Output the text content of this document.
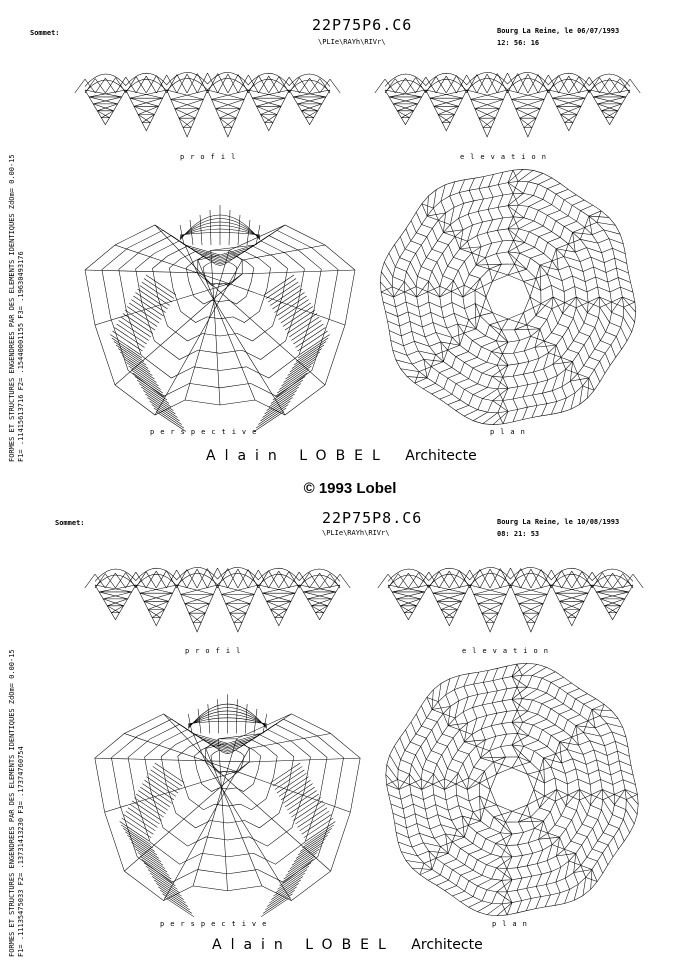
Sommet:	22P75P6.C6
\PLIe\RAYh\RIVr\
Bourg La Reine, le 06/07/1993
12: 56: 16
FORMES ET STRUCTURES ENGENDREES PAR DES ELEMENTS IDENTIQUES ZdOm= 0.00-15 F1= .11415613716 F2= .15440001155 F3= .19630493176
profil	elevation
perspective	plan
Alain LOBEL Architecte
© 1993 Lobel
Sommet:	22P75P8.C6
\PLIe\RAYh\RIVr\
Bourg La Reine, le 10/08/1993
08: 21: 53
FORMES ET STRUCTURES ENGENDREES PAR DES ELEMENTS IDENTIQUES ZdOm= 0.00-15 F1= .11135475033 F2= .13731413230 F3= .17374760754
profil	elevation
perspective	plan
Alain LOBEL Architecte
